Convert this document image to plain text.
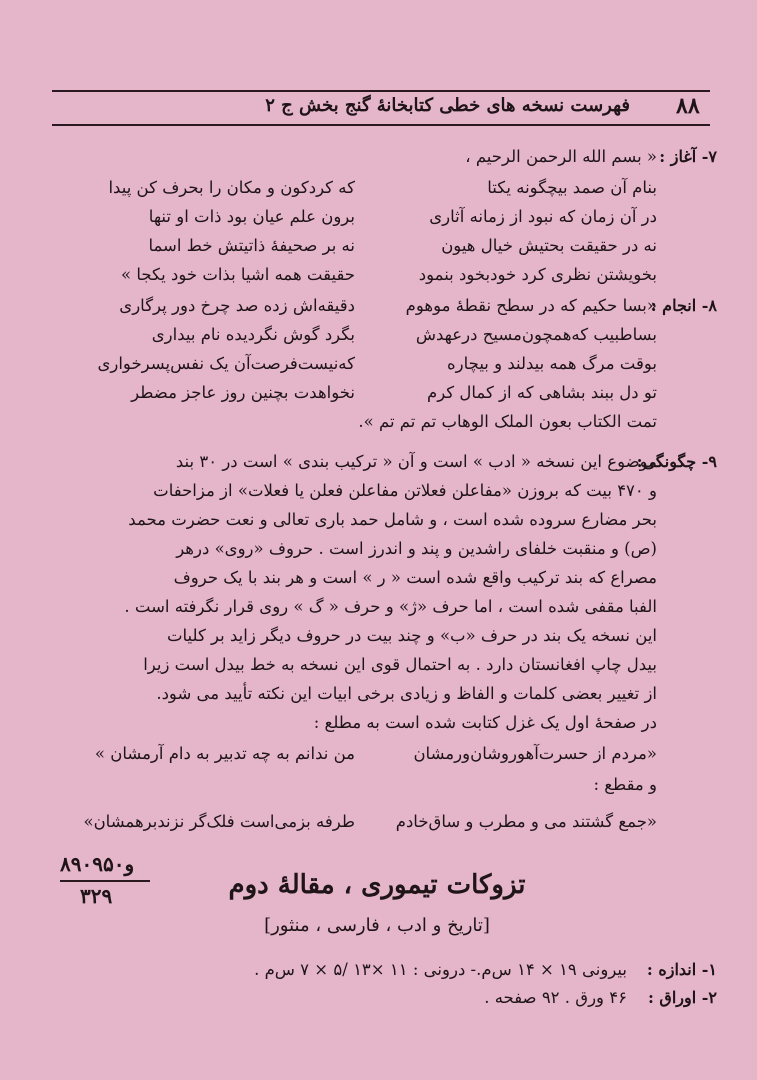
۸۸
فهرست نسخه های خطی کتابخانهٔ گنج بخش ج ۲
۷- آغاز :
« بسم الله الرحمن الرحیم ،
بنام آن صمد بیچگونه یکتا
که کردکون و مکان را بحرف کن پیدا
در آن زمان که نبود از زمانه آثاری
برون علم عیان بود ذات او تنها
نه در حقیقت بحتیش خیال هیون
نه بر صحیفهٔ ذاتیتش خط اسما
بخویشتن نظری کرد خودبخود بنمود
حقیقت همه اشیا بذات خود یکجا »
۸- انجام :
«بسا حکیم که در سطح نقطهٔ موهوم
دقیقه‌اش زده صد چرخ دور پرگاری
بساطبیب که‌همچون‌مسیح درعهدش
بگرد گوش نگردیده نام بیداری
بوقت مرگ همه بیدلند و بیچاره
که‌نیست‌فرصت‌آن یک نفس‌پسرخواری
تو دل ببند بشاهی که از کمال کرم
نخواهدت بچنین روز عاجز مضطر
تمت الکتاب بعون الملک الوهاب تم تم تم ».
۹- چگونگی:
موضوع این نسخه « ادب » است و آن « ترکیب بندی » است در ۳۰ بند
و ۴۷۰ بیت که بروزن «مفاعلن فعلاتن مفاعلن فعلن یا فعلات» از مزاحفات
بحر مضارع سروده شده است ، و شامل حمد باری تعالی و نعت حضرت محمد
(ص) و منقبت خلفای راشدین و پند و اندرز است . حروف «روی» درهر
مصراع که بند ترکیب واقع شده است « ر » است و هر بند با یک حروف
الفبا مقفی شده است ، اما حرف «ژ» و حرف « گ » روی قرار نگرفته است .
این نسخه یک بند در حرف «ب» و چند بیت در حروف دیگر زاید بر کلیات
بیدل چاپ افغانستان دارد . به احتمال قوی این نسخه به خط بیدل است زیرا
از تغییر بعضی کلمات و الفاظ و زیادی برخی ابیات این نکته تأیید می شود.
در صفحهٔ اول یک غزل کتابت شده است به مطلع :
«مردم از حسرت‌آهوروشان‌ورمشان
من ندانم به چه تدبیر به دام آرمشان »
و مقطع :
«جمع گشتند می و مطرب و ساق‌خادم
طرفه بزمی‌است فلک‌گر نزندبرهمشان»
۸۹۰و۹۵۰
۳۲۹	تزوکات تیموری ، مقالهٔ دوم
[تاریخ و ادب ، فارسی ، منثور]
۱- اندازه :
بیرونی ۱۹ × ۱۴ س‌م.- درونی : ۱۱ ×۱۳ /۵ × ۷ س‌م .
۲- اوراق :
۴۶ ورق . ۹۲ صفحه .
